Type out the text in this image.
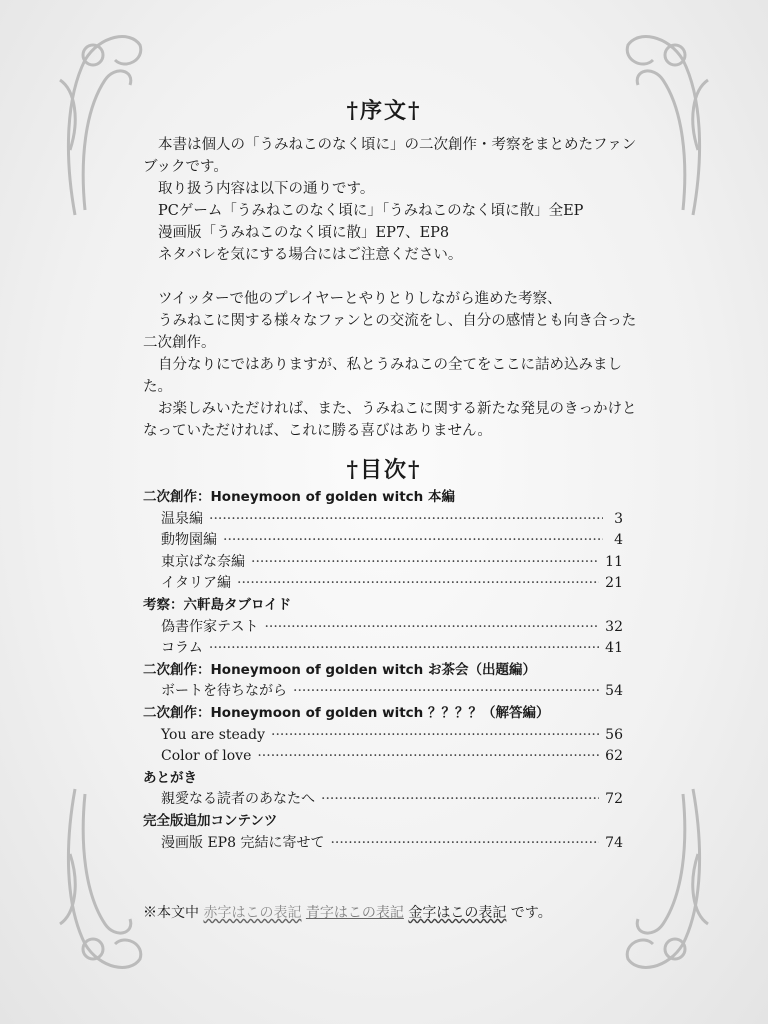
†序文†

本書は個人の「うみねこのなく頃に」の二次創作・考察をまとめたファンブックです。

取り扱う内容は以下の通りです。

PCゲーム「うみねこのなく頃に」「うみねこのなく頃に散」全EP

漫画版「うみねこのなく頃に散」EP7、EP8

ネタバレを気にする場合にはご注意ください。

ツイッターで他のプレイヤーとやりとりしながら進めた考察、

うみねこに関する様々なファンとの交流をし、自分の感情とも向き合った二次創作。

自分なりにではありますが、私とうみねこの全てをここに詰め込みました。

お楽しみいただければ、また、うみねこに関する新たな発見のきっかけとなっていただければ、これに勝る喜びはありません。

†目次†
二次創作：Honeymoon of golden witch 本編
温泉編 ·····	3
動物園編 ·····	4
東京ばな奈編 ·····	11
イタリア編 ·····	21
考察：六軒島タブロイド
偽書作家テスト ·····	32
コラム ·····	41
二次創作：Honeymoon of golden witch お茶会（出題編）
ボートを待ちながら ·····	54
二次創作：Honeymoon of golden witch ？？？？（解答編）
You are steady ·····	56
Color of love ·····	62
あとがき
親愛なる読者のあなたへ ·····	72
完全版追加コンテンツ
漫画版 EP8 完結に寄せて ·····	74
※本文中 赤字はこの表記 青字はこの表記 金字はこの表記 です。
